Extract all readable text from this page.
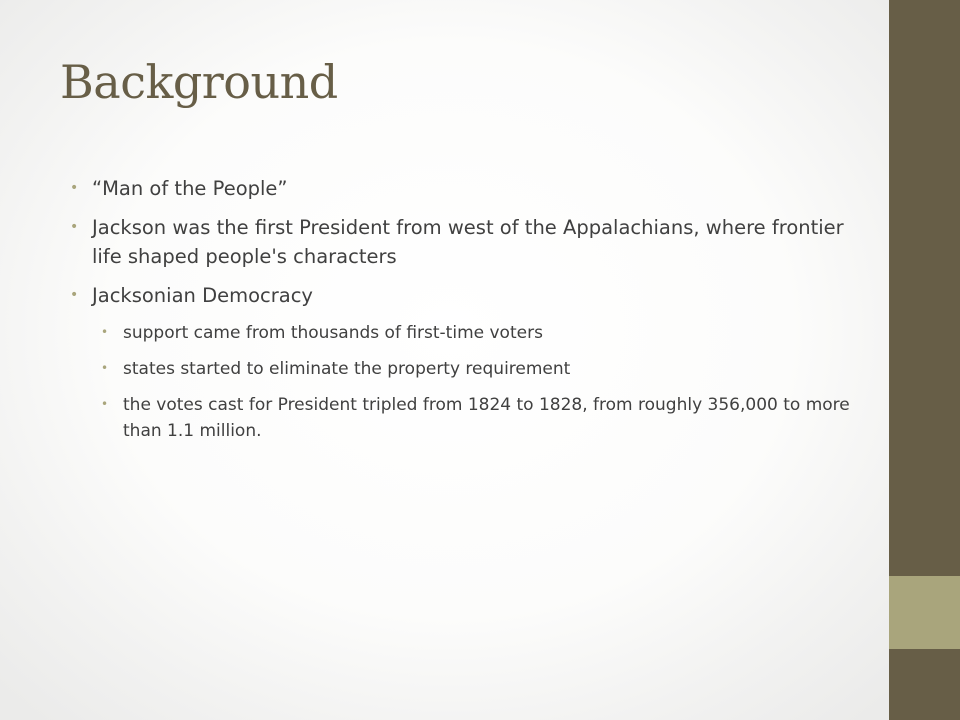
Background

• “Man of the People”

• Jackson was the first President from west of the Appalachians, where frontier life shaped people's characters

• Jacksonian Democracy

• support came from thousands of first-time voters

• states started to eliminate the property requirement

• the votes cast for President tripled from 1824 to 1828, from roughly 356,000 to more than 1.1 million.
